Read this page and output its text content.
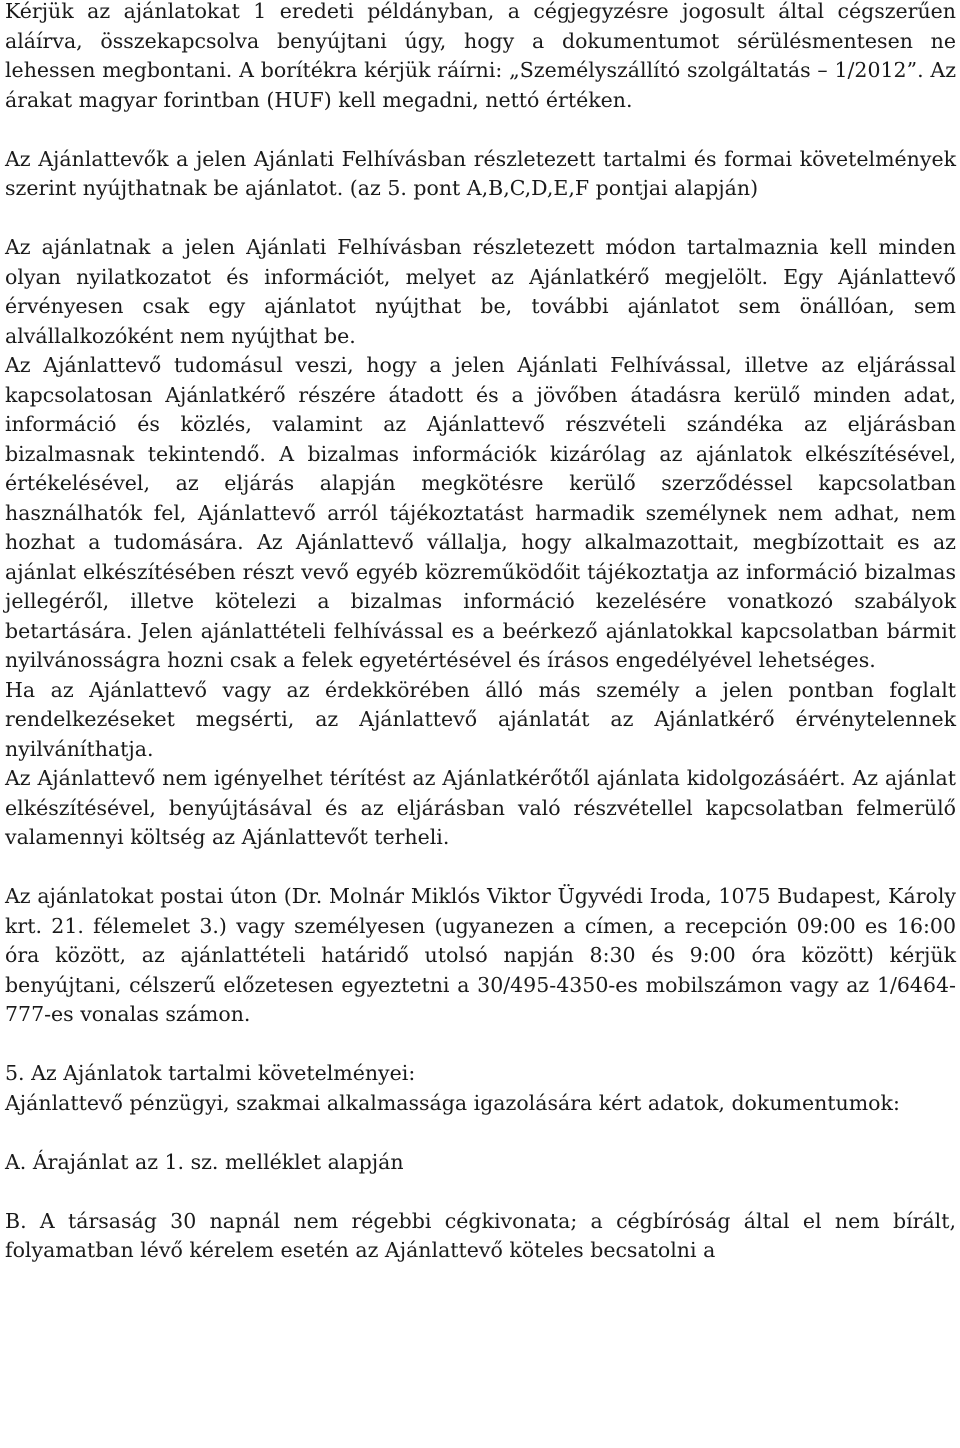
Kérjük az ajánlatokat 1 eredeti példányban, a cégjegyzésre jogosult által cégszerűen aláírva, összekapcsolva benyújtani úgy, hogy a dokumentumot sérülésmentesen ne lehessen megbontani. A borítékra kérjük ráírni: „Személyszállító szolgáltatás – 1/2012”. Az árakat magyar forintban (HUF) kell megadni, nettó értéken.

Az Ajánlattevők a jelen Ajánlati Felhívásban részletezett tartalmi és formai követelmények szerint nyújthatnak be ajánlatot. (az 5. pont A,B,C,D,E,F pontjai alapján)

Az ajánlatnak a jelen Ajánlati Felhívásban részletezett módon tartalmaznia kell minden olyan nyilatkozatot és információt, melyet az Ajánlatkérő megjelölt. Egy Ajánlattevő érvényesen csak egy ajánlatot nyújthat be, további ajánlatot sem önállóan, sem alvállalkozóként nem nyújthat be.

Az Ajánlattevő tudomásul veszi, hogy a jelen Ajánlati Felhívással, illetve az eljárással kapcsolatosan Ajánlatkérő részére átadott és a jövőben átadásra kerülő minden adat, információ és közlés, valamint az Ajánlattevő részvételi szándéka az eljárásban bizalmasnak tekintendő. A bizalmas információk kizárólag az ajánlatok elkészítésével, értékelésével, az eljárás alapján megkötésre kerülő szerződéssel kapcsolatban használhatók fel, Ajánlattevő arról tájékoztatást harmadik személynek nem adhat, nem hozhat a tudomására. Az Ajánlattevő vállalja, hogy alkalmazottait, megbízottait es az ajánlat elkészítésében részt vevő egyéb közreműködőit tájékoztatja az információ bizalmas jellegéről, illetve kötelezi a bizalmas információ kezelésére vonatkozó szabályok betartására. Jelen ajánlattételi felhívással es a beérkező ajánlatokkal kapcsolatban bármit nyilvánosságra hozni csak a felek egyetértésével és írásos engedélyével lehetséges.

Ha az Ajánlattevő vagy az érdekkörében álló más személy a jelen pontban foglalt rendelkezéseket megsérti, az Ajánlattevő ajánlatát az Ajánlatkérő érvénytelennek nyilváníthatja.

Az Ajánlattevő nem igényelhet térítést az Ajánlatkérőtől ajánlata kidolgozásáért. Az ajánlat elkészítésével, benyújtásával és az eljárásban való részvétellel kapcsolatban felmerülő valamennyi költség az Ajánlattevőt terheli.

Az ajánlatokat postai úton (Dr. Molnár Miklós Viktor Ügyvédi Iroda, 1075 Budapest, Károly krt. 21. félemelet 3.) vagy személyesen (ugyanezen a címen, a recepción 09:00 es 16:00 óra között, az ajánlattételi határidő utolsó napján 8:30 és 9:00 óra között) kérjük benyújtani, célszerű előzetesen egyeztetni a 30/495-4350-es mobilszámon vagy az 1/6464-777-es vonalas számon.

5. Az Ajánlatok tartalmi követelményei:

Ajánlattevő pénzügyi, szakmai alkalmassága igazolására kért adatok, dokumentumok:

A. Árajánlat az 1. sz. melléklet alapján

B. A társaság 30 napnál nem régebbi cégkivonata; a cégbíróság által el nem bírált, folyamatban lévő kérelem esetén az Ajánlattevő köteles becsatolni a
